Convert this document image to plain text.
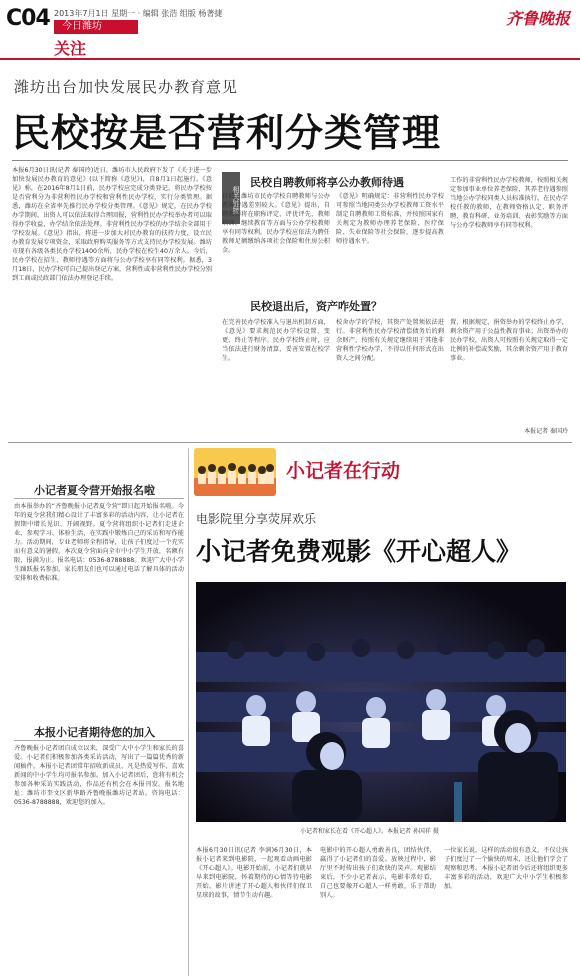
C04 2013年7月1日 星期一 · 编辑 张浩 组版 杨著捷
今日潍坊
关注
齐鲁晚报
潍坊出台加快发展民办教育意见
民校按是否营利分类管理
本报6月30日讯(记者 秦国玲)近日，潍坊市人民政府下发了《关于进一步加快发展民办教育的意见》(以下简称《意见》)，自8月1日起施行。《意见》称，在2016年8月1日前，民办学校应完成分类登记，将民办学校按是否营利分为非营利性民办学校和营利性民办学校，实行分类管理。据悉，潍坊在全省率先推行民办学校分类管理。《意见》规定，在民办学校办学期间，出资人可以依法取得合理回报，营利性民办学校举办者可以取得办学收益，办学结余依法处理。非营利性民办学校的办学结余全部用于学校发展。《意见》指出，将进一步加大对民办教育的扶持力度，设立民办教育发展专项资金，采取政府购买服务等方式支持民办学校发展。潍坊市现有各级各类民办学校1400余所，民办学校在校生40万余人。今后，民办学校在招生、教师待遇等方面将与公办学校享有同等权利。据悉，3月18日，民办学校可自己提出登记方案，营利性或非营利性民办学校分别到工商或民政部门依法办理登记手续。
相关链接
民校自聘教师将享公办教师待遇
目前，潍坊市民办学校自聘教师与公办教师待遇差别较大。《意见》提出，自聘教师将在职称评定、评优评先、教师培训、继续教育等方面与公办学校教师享有同等权利。民办学校应依法为聘任教师足额缴纳各项社会保险和住房公积金。
《意见》明确规定：非营利性民办学校可参照当地同类公办学校教师工资水平制定自聘教师工资标准，并按照国家有关规定为教师办理养老保险、医疗保险、失业保险等社会保险，逐步提高教师待遇水平。
工作的非营利性民办学校教师，按照相关规定参加事业单位养老保险，其养老待遇参照当地公办学校同类人员标准执行。在民办学校任教的教师，在教师资格认定、职务评聘、教育科研、业务培训、表彰奖励等方面与公办学校教师享有同等权利。
民校退出后，资产咋处置？
在完善民办学校准入与退出机制方面，《意见》要求规范民办学校设置、变更、终止等程序。民办学校终止时，应当依法进行财务清算，妥善安置在校学生。
校舍办学的学校，其资产处置须依法进行。非营利性民办学校清偿债务后的剩余财产，按照有关规定继续用于其他非营利性学校办学，不得以任何形式在出资人之间分配。
置，根据规定，捐资举办的学校终止办学，剩余资产用于公益性教育事业；出资举办的民办学校，出资人可按照有关规定取得一定比例的补偿或奖励，其余剩余资产用于教育事业。
本报记者 秦国玲
小记者夏令营开始报名啦
由本报举办的“齐鲁晚报小记者夏令营”即日起开始报名啦。今年的夏令营我们精心设计了丰富多彩的活动内容，让小记者在假期中增长见识、开阔视野。夏令营将组织小记者们走进企业、参观学习、体验生活，在实践中锻炼自己的采访和写作能力。活动期间，专业老师将全程指导，让孩子们度过一个充实而有意义的暑假。本次夏令营面向全市中小学生开放，名额有限，报满为止。报名电话：0536-8788888。欢迎广大中小学生踊跃报名参加，家长朋友们也可以通过电话了解具体的活动安排和收费标准。
本报小记者期待您的加入
齐鲁晚报小记者团自成立以来，深受广大中小学生和家长的喜爱。小记者们积极参加各类采访活动，写出了一篇篇优秀的新闻稿件。本报小记者团常年招收新成员，凡是热爱写作、喜欢新闻的中小学生均可报名参加。加入小记者团后，您将有机会参加各种采访实践活动，作品还有机会在本报刊发。报名地址：潍坊市奎文区新华路齐鲁晚报潍坊记者站。咨询电话：0536-8788888，欢迎您的加入。
小记者在行动
电影院里分享荧屏欢乐
小记者免费观影《开心超人》
小记者和家长在看《开心超人》。本报记者 孙国祥 摄
本报6月30日讯(记者 李润)6月30日，本报小记者来到电影院，一起观看动画电影《开心超人》。电影开始前，小记者们就早早来到电影院，怀着期待的心情等待电影开始。影片讲述了开心超人和伙伴们保卫星球的故事，情节生动有趣。
电影中的开心超人勇敢善良，团结伙伴，赢得了小记者们的喜爱。放映过程中，影厅里不时传出孩子们欢快的笑声。观影结束后，不少小记者表示，电影非常好看，自己也要像开心超人一样勇敢，乐于帮助别人。
一位家长说，这样的活动很有意义，不仅让孩子们度过了一个愉快的周末，还让他们学会了观察和思考。本报小记者团今后还将组织更多丰富多彩的活动，欢迎广大中小学生积极参加。
